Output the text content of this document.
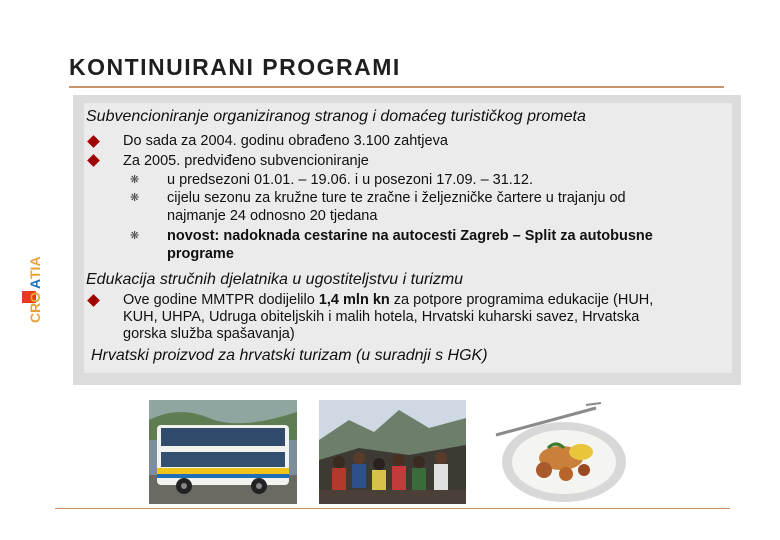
KONTINUIRANI PROGRAMI
CRO
A
TIA
Subvencioniranje organiziranog stranog i domaćeg turističkog prometa
Do sada za 2004. godinu obrađeno 3.100 zahtjeva
Za 2005. predviđeno subvencioniranje
❋ u predsezoni 01.01. – 19.06. i u posezoni 17.09. – 31.12.
❋ cijelu sezonu za kružne ture te zračne i željezničke čartere u trajanju od
najmanje 24 odnosno 20 tjedana
❋ novost: nadoknada cestarine na autocesti Zagreb – Split za autobusne
programe
Edukacija stručnih djelatnika u ugostiteljstvu i turizmu
Ove godine MMTPR dodijelilo 1,4 mln kn za potpore programima edukacije (HUH,
KUH, UHPA, Udruga obiteljskih i malih hotela, Hrvatski kuharski savez, Hrvatska
gorska služba spašavanja)
Hrvatski proizvod za hrvatski turizam (u suradnji s HGK)
